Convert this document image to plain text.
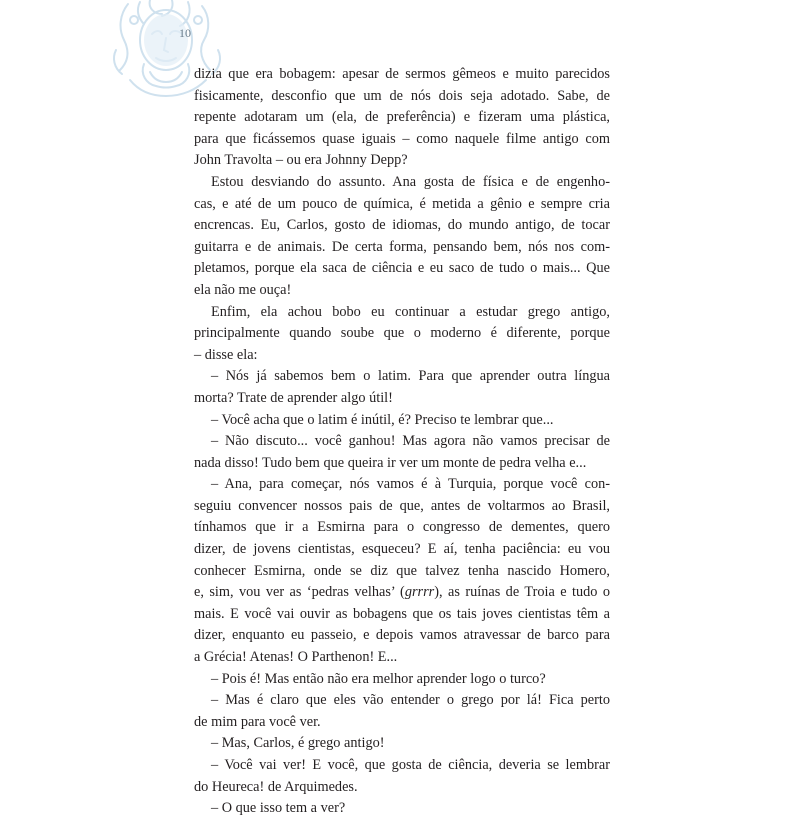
10
dizia que era bobagem: apesar de sermos gêmeos e muito parecidos
fisicamente, desconfio que um de nós dois seja adotado. Sabe, de
repente adotaram um (ela, de preferência) e fizeram uma plástica,
para que ficássemos quase iguais – como naquele filme antigo com
John Travolta – ou era Johnny Depp?
Estou desviando do assunto. Ana gosta de física e de engenho-
cas, e até de um pouco de química, é metida a gênio e sempre cria
encrencas. Eu, Carlos, gosto de idiomas, do mundo antigo, de tocar
guitarra e de animais. De certa forma, pensando bem, nós nos com-
pletamos, porque ela saca de ciência e eu saco de tudo o mais... Que
ela não me ouça!
Enfim, ela achou bobo eu continuar a estudar grego antigo,
principalmente quando soube que o moderno é diferente, porque
– disse ela:
– Nós já sabemos bem o latim. Para que aprender outra língua
morta? Trate de aprender algo útil!
– Você acha que o latim é inútil, é? Preciso te lembrar que...
– Não discuto... você ganhou! Mas agora não vamos precisar de
nada disso! Tudo bem que queira ir ver um monte de pedra velha e...
– Ana, para começar, nós vamos é à Turquia, porque você con-
seguiu convencer nossos pais de que, antes de voltarmos ao Brasil,
tínhamos que ir a Esmirna para o congresso de dementes, quero
dizer, de jovens cientistas, esqueceu? E aí, tenha paciência: eu vou
conhecer Esmirna, onde se diz que talvez tenha nascido Homero,
e, sim, vou ver as ‘pedras velhas’ (grrrr), as ruínas de Troia e tudo o
mais. E você vai ouvir as bobagens que os tais joves cientistas têm a
dizer, enquanto eu passeio, e depois vamos atravessar de barco para
a Grécia! Atenas! O Parthenon! E...
– Pois é! Mas então não era melhor aprender logo o turco?
– Mas é claro que eles vão entender o grego por lá! Fica perto
de mim para você ver.
– Mas, Carlos, é grego antigo!
– Você vai ver! E você, que gosta de ciência, deveria se lembrar
do Heureca! de Arquimedes.
– O que isso tem a ver?
